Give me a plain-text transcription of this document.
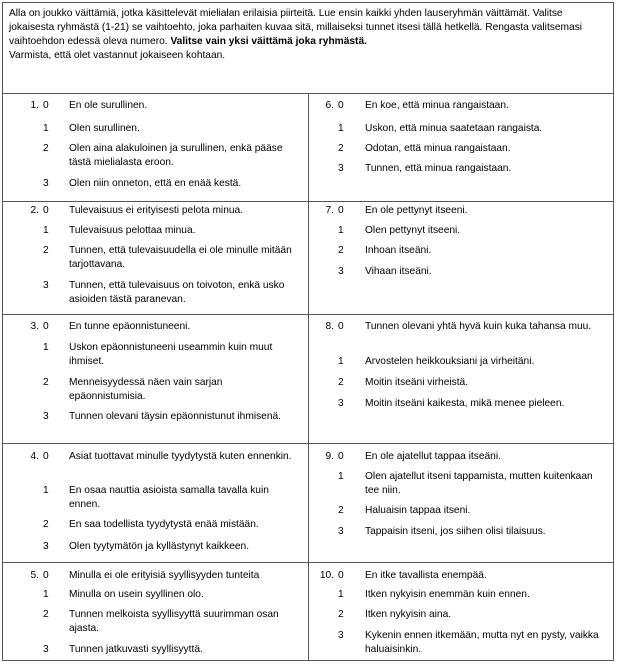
Alla on joukko väittämiä, jotka käsittelevät mielialan erilaisia piirteitä. Lue ensin kaikki yhden lauseryhmän väittämät. Valitse jokaisesta ryhmästä (1-21) se vaihtoehto, joka parhaiten kuvaa sitä, millaiseksi tunnet itsesi tällä hetkellä. Rengasta valitsemasi vaihtoehdon edessä oleva numero. Valitse vain yksi väittämä joka ryhmästä.
Varmista, että olet vastannut jokaiseen kohtaan.
1. 0	En ole surullinen.
1	Olen surullinen.
2	Olen aina alakuloinen ja surullinen, enkä pääse tästä mielialasta eroon.
3	Olen niin onneton, että en enää kestä.
6. 0	En koe, että minua rangaistaan.
1	Uskon, että minua saatetaan rangaista.
2	Odotan, että minua rangaistaan.
3	Tunnen, että minua rangaistaan.
2. 0	Tulevaisuus ei erityisesti pelota minua.
1	Tulevaisuus pelottaa minua.
2	Tunnen, että tulevaisuudella ei ole minulle mitään tarjottavana.
3	Tunnen, että tulevaisuus on toivoton, enkä usko asioiden tästä paranevan.
7. 0	En ole pettynyt itseeni.
1	Olen pettynyt itseeni.
2	Inhoan itseäni.
3	Vihaan itseäni.
3. 0	En tunne epäonnistuneeni.
1	Uskon epäonnistuneeni useammin kuin muut ihmiset.
2	Menneisyydessä näen vain sarjan epäonnistumisia.
3	Tunnen olevani täysin epäonnistunut ihmisenä.
8. 0	Tunnen olevani yhtä hyvä kuin kuka tahansa muu.
1	Arvostelen heikkouksiani ja virheitäni.
2	Moitin itseäni virheistä.
3	Moitin itseäni kaikesta, mikä menee pieleen.
4. 0	Asiat tuottavat minulle tyydytystä kuten ennenkin.
1	En osaa nauttia asioista samalla tavalla kuin ennen.
2	En saa todellista tyydytystä enää mistään.
3	Olen tyytymätön ja kyllästynyt kaikkeen.
9. 0	En ole ajatellut tappaa itseäni.
1	Olen ajatellut itseni tappamista, mutten kuitenkaan tee niin.
2	Haluaisin tappaa itseni.
3	Tappaisin itseni, jos siihen olisi tilaisuus.
5. 0	Minulla ei ole erityisiä syyllisyyden tunteita
1	Minulla on usein syyllinen olo.
2	Tunnen melkoista syyllisyyttä suurimman osan ajasta.
3	Tunnen jatkuvasti syyllisyyttä.
10. 0	En itke tavallista enempää.
1	Itken nykyisin enemmän kuin ennen.
2	Itken nykyisin aina.
3	Kykenin ennen itkemään, mutta nyt en pysty, vaikka haluaisinkin.
